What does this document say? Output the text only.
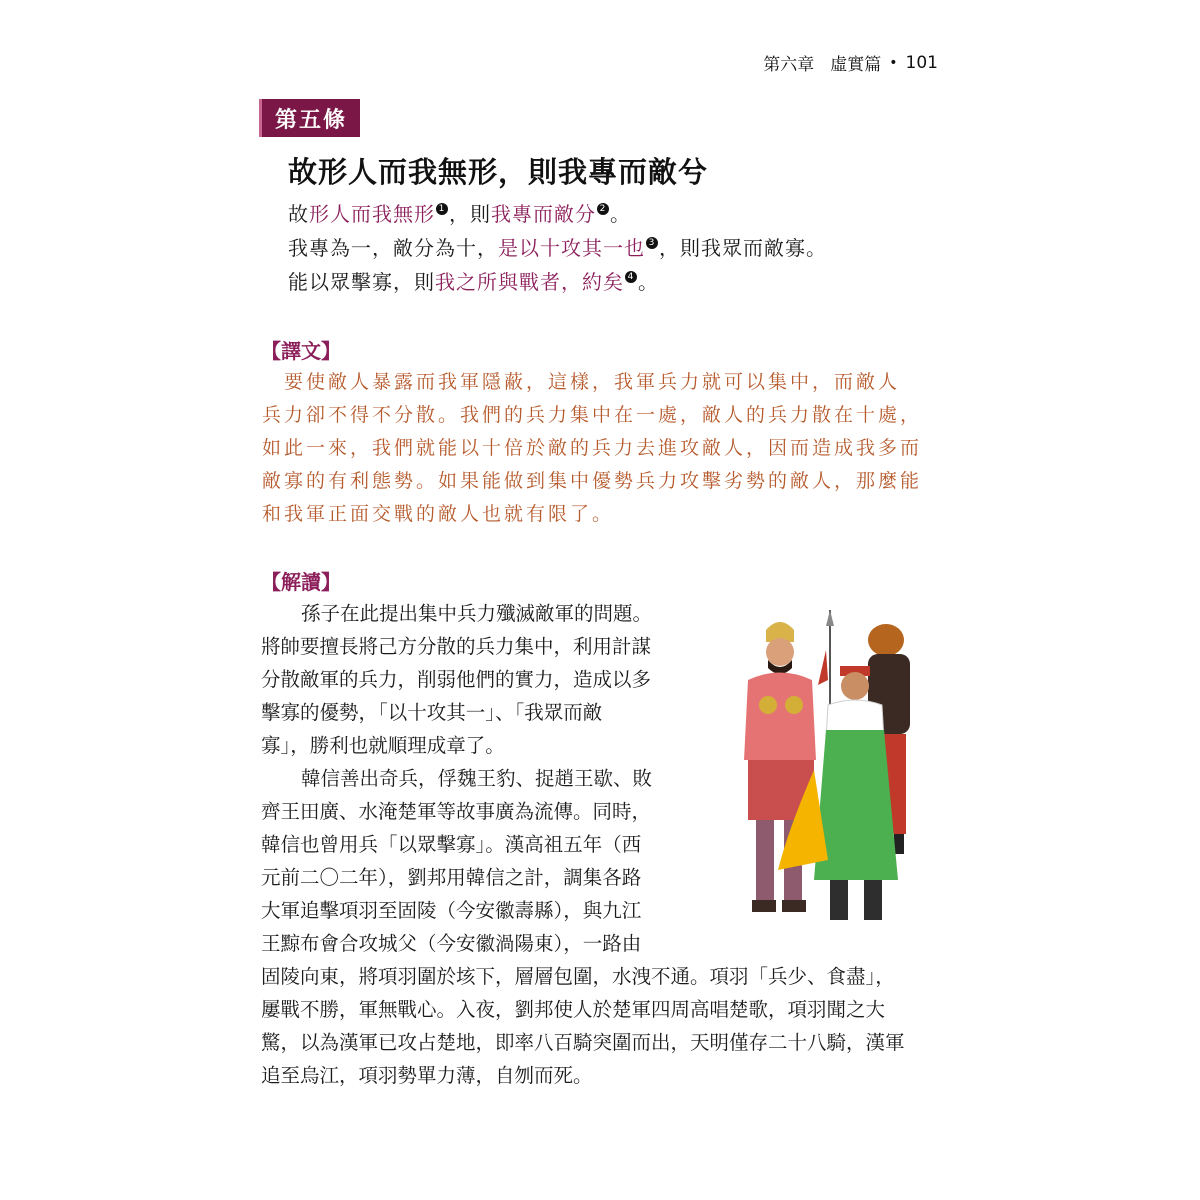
第六章 虛實篇 • 101
第五條
故形人而我無形，則我專而敵兮
故形人而我無形 $^1$ ，則我專而敵分 $^2$ 。
我專為一，敵分為十，是以十攻其一也 $^3$ ，則我眾而敵寡。
能以眾擊寡，則我之所與戰者，約矣 $^4$ 。
【譯文】
　要使敵人暴露而我軍隱蔽，這樣，我軍兵力就可以集中，而敵人
兵力卻不得不分散。我們的兵力集中在一處，敵人的兵力散在十處，
如此一來，我們就能以十倍於敵的兵力去進攻敵人，因而造成我多而
敵寡的有利態勢。如果能做到集中優勢兵力攻擊劣勢的敵人，那麼能
和我軍正面交戰的敵人也就有限了。
【解讀】
孫子在此提出集中兵力殲滅敵軍的問題。
將帥要擅長將己方分散的兵力集中，利用計謀
分散敵軍的兵力，削弱他們的實力，造成以多
擊寡的優勢，「以十攻其一」、「我眾而敵
寡」，勝利也就順理成章了。
韓信善出奇兵，俘魏王豹、捉趙王歇、敗
齊王田廣、水淹楚軍等故事廣為流傳。同時，
韓信也曾用兵「以眾擊寡」。漢高祖五年（西
元前二〇二年），劉邦用韓信之計，調集各路
大軍追擊項羽至固陵（今安徽壽縣），與九江
王黥布會合攻城父（今安徽渦陽東），一路由
固陵向東，將項羽圍於垓下，層層包圍，水洩不通。項羽「兵少、食盡」，
屢戰不勝，軍無戰心。入夜，劉邦使人於楚軍四周高唱楚歌，項羽聞之大
驚，以為漢軍已攻占楚地，即率八百騎突圍而出，天明僅存二十八騎，漢軍
追至烏江，項羽勢單力薄，自刎而死。
